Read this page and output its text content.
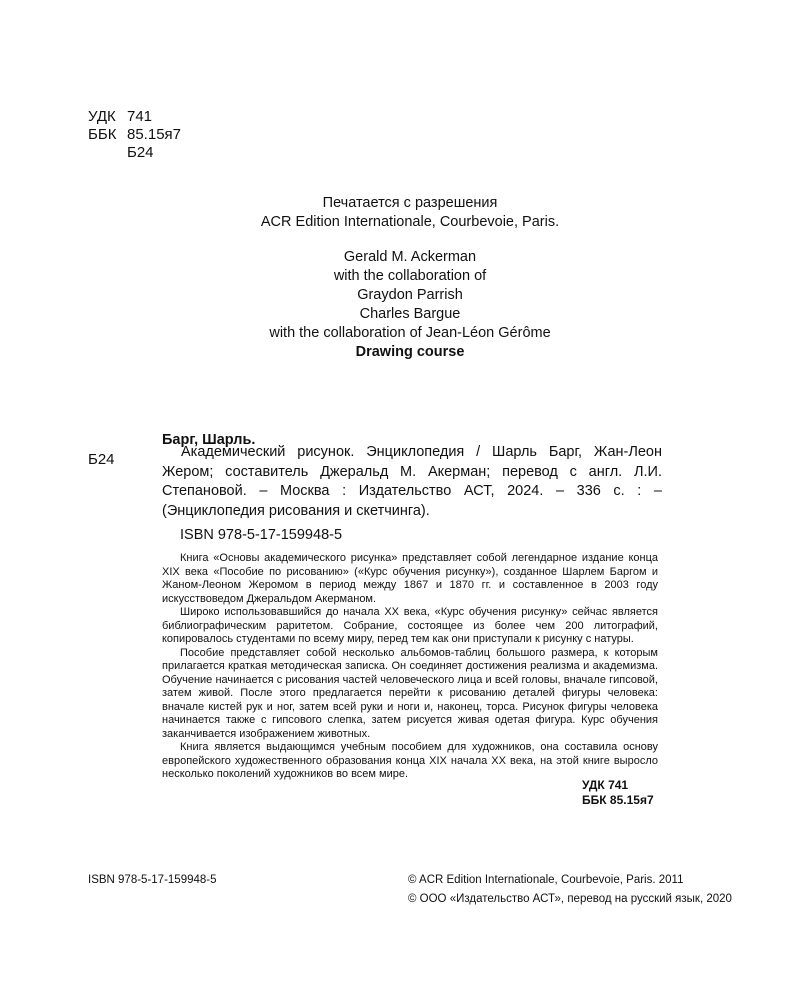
УДК 741
ББК 85.15я7
Б24
Печатается с разрешения
ACR Edition Internationale, Courbevoie, Paris.
Gerald M. Ackerman
with the collaboration of
Graydon Parrish
Charles Bargue
with the collaboration of Jean-Léon Gérôme
Drawing course
Барг, Шарль.
Б24	Академический рисунок. Энциклопедия / Шарль Барг, Жан-Леон Жером; составитель Джеральд М. Акерман; перевод с англ. Л.И. Степановой. – Москва : Издательство АСТ, 2024. – 336 с. : – (Энциклопедия рисования и скетчинга).

ISBN 978-5-17-159948-5

Книга «Основы академического рисунка» представляет собой легендарное издание конца XIX века «Пособие по рисованию» («Курс обучения рисунку»), созданное Шарлем Баргом и Жаном-Леоном Жеромом в период между 1867 и 1870 гг. и составленное в 2003 году искусствоведом Джеральдом Акерманом.

Широко использовавшийся до начала XX века, «Курс обучения рисунку» сейчас является библиографическим раритетом. Собрание, состоящее из более чем 200 литографий, копировалось студентами по всему миру, перед тем как они приступали к рисунку с натуры.

Пособие представляет собой несколько альбомов-таблиц большого размера, к которым прилагается краткая методическая записка. Он соединяет достижения реализма и академизма. Обучение начинается с рисования частей человеческого лица и всей головы, вначале гипсовой, затем живой. После этого предлагается перейти к рисованию деталей фигуры человека: вначале кистей рук и ног, затем всей руки и ноги и, наконец, торса. Рисунок фигуры человека начинается также с гипсового слепка, затем рисуется живая одетая фигура. Курс обучения заканчивается изображением животных.

Книга является выдающимся учебным пособием для художников, она составила основу европейского художественного образования конца XIX начала XX века, на этой книге выросло несколько поколений художников во всем мире.

УДК 741
ББК 85.15я7
ISBN 978-5-17-159948-5	© ACR Edition Internationale, Courbevoie, Paris. 2011
© ООО «Издательство АСТ», перевод на русский язык, 2020
